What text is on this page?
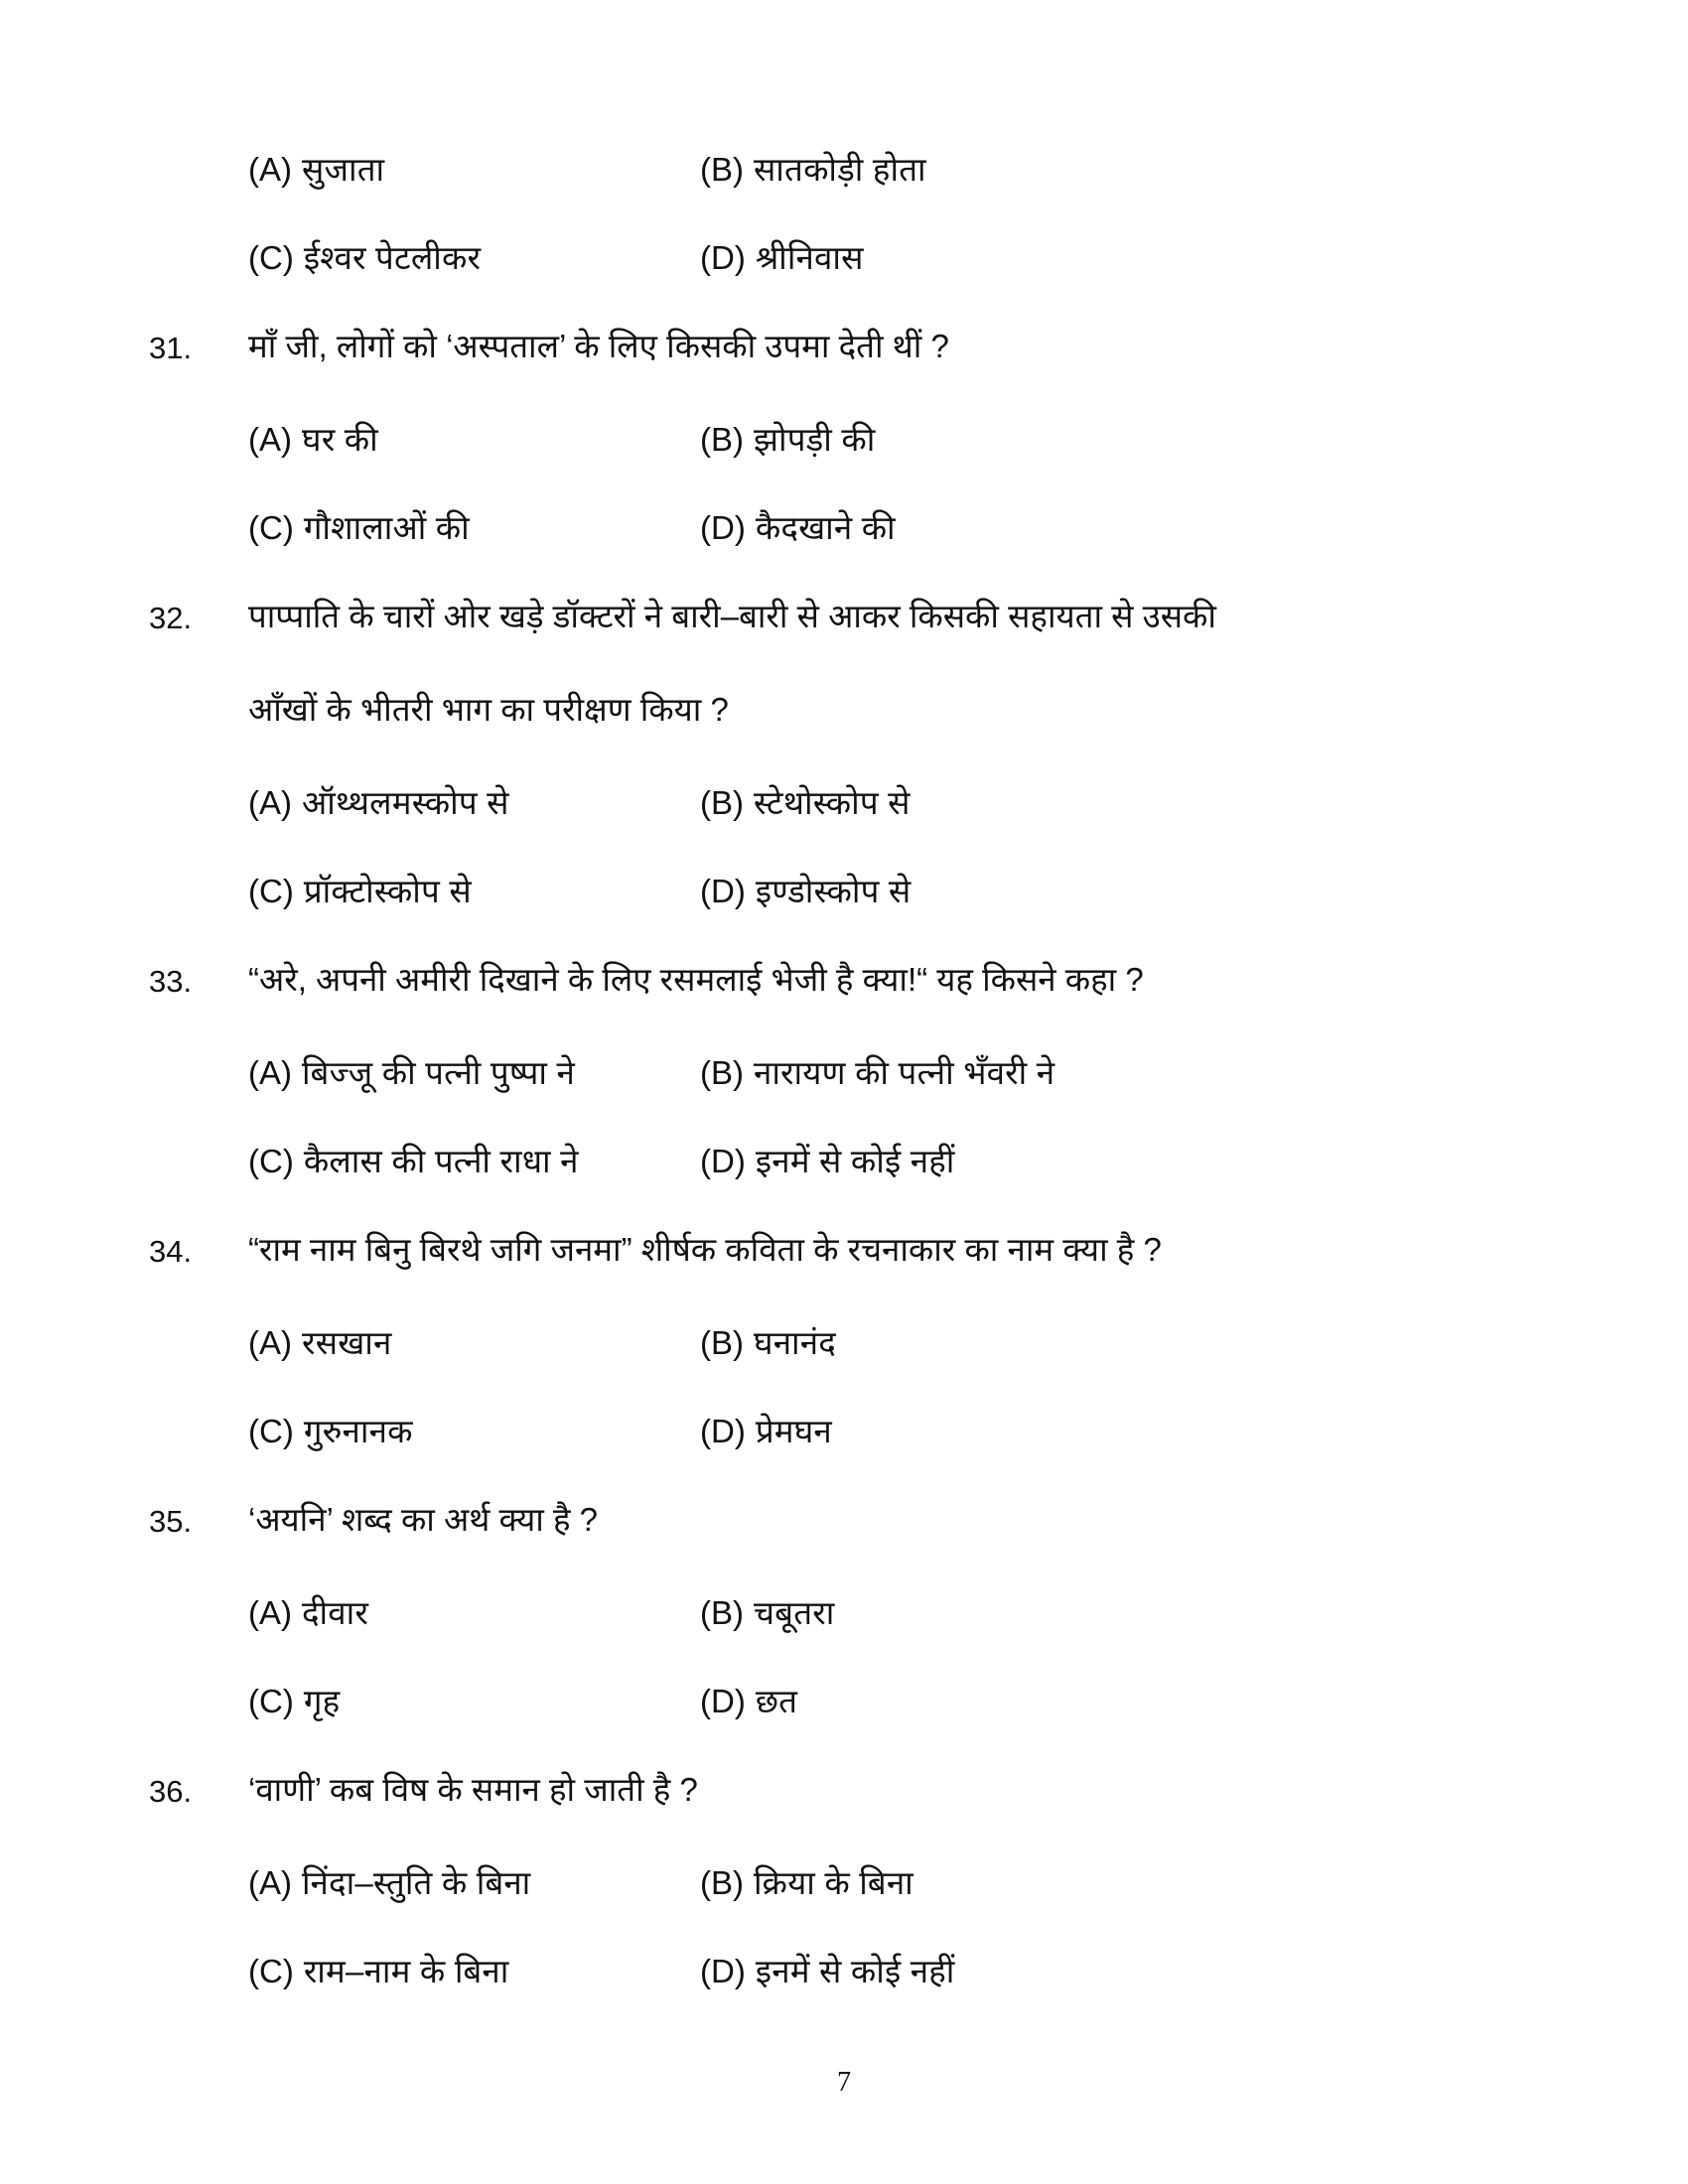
(A) सुजाता	(B) सातकोड़ी होता
(C) ईश्वर पेटलीकर	(D) श्रीनिवास
31.	माँ जी, लोगों को ‘अस्पताल’ के लिए किसकी उपमा देती थीं ?
(A) घर की	(B) झोपड़ी की
(C) गौशालाओं की	(D) कैदखाने की
32.	पाप्पाति के चारों ओर खड़े डॉक्टरों ने बारी–बारी से आकर किसकी सहायता से उसकी
आँखों के भीतरी भाग का परीक्षण किया ?
(A) ऑथ्थलमस्कोप से	(B) स्टेथोस्कोप से
(C) प्रॉक्टोस्कोप से	(D) इण्डोस्कोप से
33.	“अरे, अपनी अमीरी दिखाने के लिए रसमलाई भेजी है क्या!“ यह किसने कहा ?
(A) बिज्जू की पत्नी पुष्पा ने	(B) नारायण की पत्नी भँवरी ने
(C) कैलास की पत्नी राधा ने	(D) इनमें से कोई नहीं
34.	“राम नाम बिनु बिरथे जगि जनमा” शीर्षक कविता के रचनाकार का नाम क्या है ?
(A) रसखान	(B) घनानंद
(C) गुरुनानक	(D) प्रेमघन
35.	‘अयनि’ शब्द का अर्थ क्या है ?
(A) दीवार	(B) चबूतरा
(C) गृह	(D) छत
36.	‘वाणी’ कब विष के समान हो जाती है ?
(A) निंदा–स्तुति के बिना	(B) क्रिया के बिना
(C) राम–नाम के बिना	(D) इनमें से कोई नहीं
7
